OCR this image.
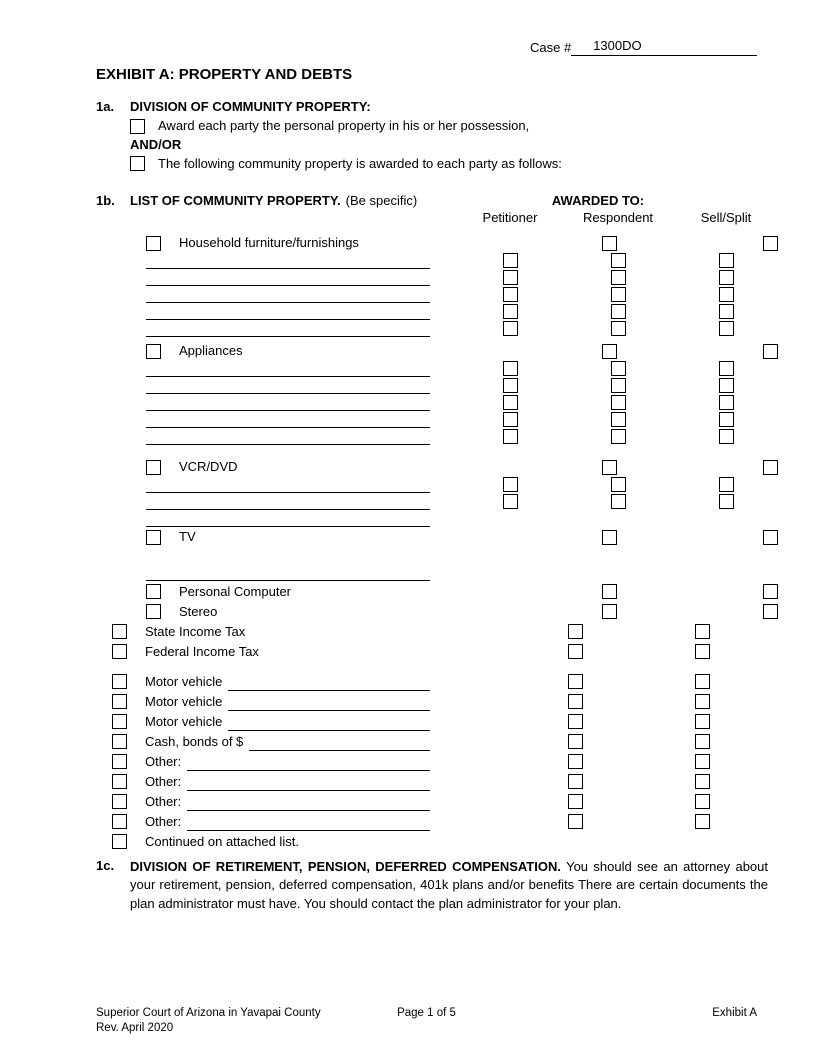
Case #	1300DO
EXHIBIT A: PROPERTY AND DEBTS
1a.	DIVISION OF COMMUNITY PROPERTY:
Award each party the personal property in his or her possession,
AND/OR
The following community property is awarded to each party as follows:
1b.	LIST OF COMMUNITY PROPERTY. (Be specific)	AWARDED TO:
Petitioner	Respondent	Sell/Split
Household furniture/furnishings
Appliances
VCR/DVD
TV
Personal Computer
Stereo
State Income Tax
Federal Income Tax
Motor vehicle
Motor vehicle
Motor vehicle
Cash, bonds of $
Other:
Other:
Other:
Other:
Continued on attached list.
1c.	DIVISION OF RETIREMENT, PENSION, DEFERRED COMPENSATION. You should see an attorney about your retirement, pension, deferred compensation, 401k plans and/or benefits There are certain documents the plan administrator must have. You should contact the plan administrator for your plan.
Superior Court of Arizona in Yavapai County
Rev. April 2020
Page 1 of 5	Exhibit A
